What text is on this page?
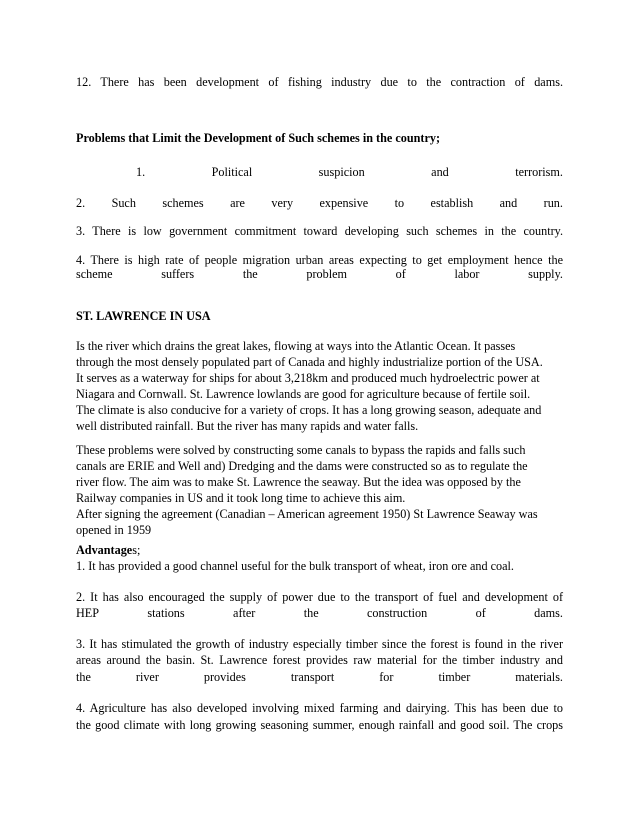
12. There has been development of fishing industry due to the contraction of dams.
Problems that Limit the Development of Such schemes in the country;
1.	Political	suspicion	and	terrorism.
2. Such schemes are very expensive to establish and run.
3. There is low government commitment toward developing such schemes in the country.
4. There is high rate of people migration urban areas expecting to get employment hence the
scheme	suffers	the	problem	of	labor	supply.
ST. LAWRENCE IN USA
Is the river which drains the great lakes, flowing at ways into the Atlantic Ocean. It passes
through the most densely populated part of Canada and highly industrialize portion of the USA.
It serves as a waterway for ships for about 3,218km and produced much hydroelectric power at
Niagara and Cornwall. St. Lawrence lowlands are good for agriculture because of fertile soil.
The climate is also conducive for a variety of crops. It has a long growing season, adequate and
well distributed rainfall. But the river has many rapids and water falls.
These problems were solved by constructing some canals to bypass the rapids and falls such
canals are ERIE and Well and) Dredging and the dams were constructed so as to regulate the
river flow. The aim was to make St. Lawrence the seaway. But the idea was opposed by the
Railway companies in US and it took long time to achieve this aim.
After signing the agreement (Canadian – American agreement 1950) St Lawrence Seaway was
opened in 1959
Advantages;
1. It has provided a good channel useful for the bulk transport of wheat, iron ore and coal.
2. It has also encouraged the supply of power due to the transport of fuel and development of
HEP	stations	after	the	construction	of	dams.
3. It has stimulated the growth of industry especially timber since the forest is found in the river
areas around the basin. St. Lawrence forest provides raw material for the timber industry and
the	river	provides	transport	for	timber	materials.
4. Agriculture has also developed involving mixed farming and dairying. This has been due to
the good climate with long growing seasoning summer, enough rainfall and good soil. The crops
